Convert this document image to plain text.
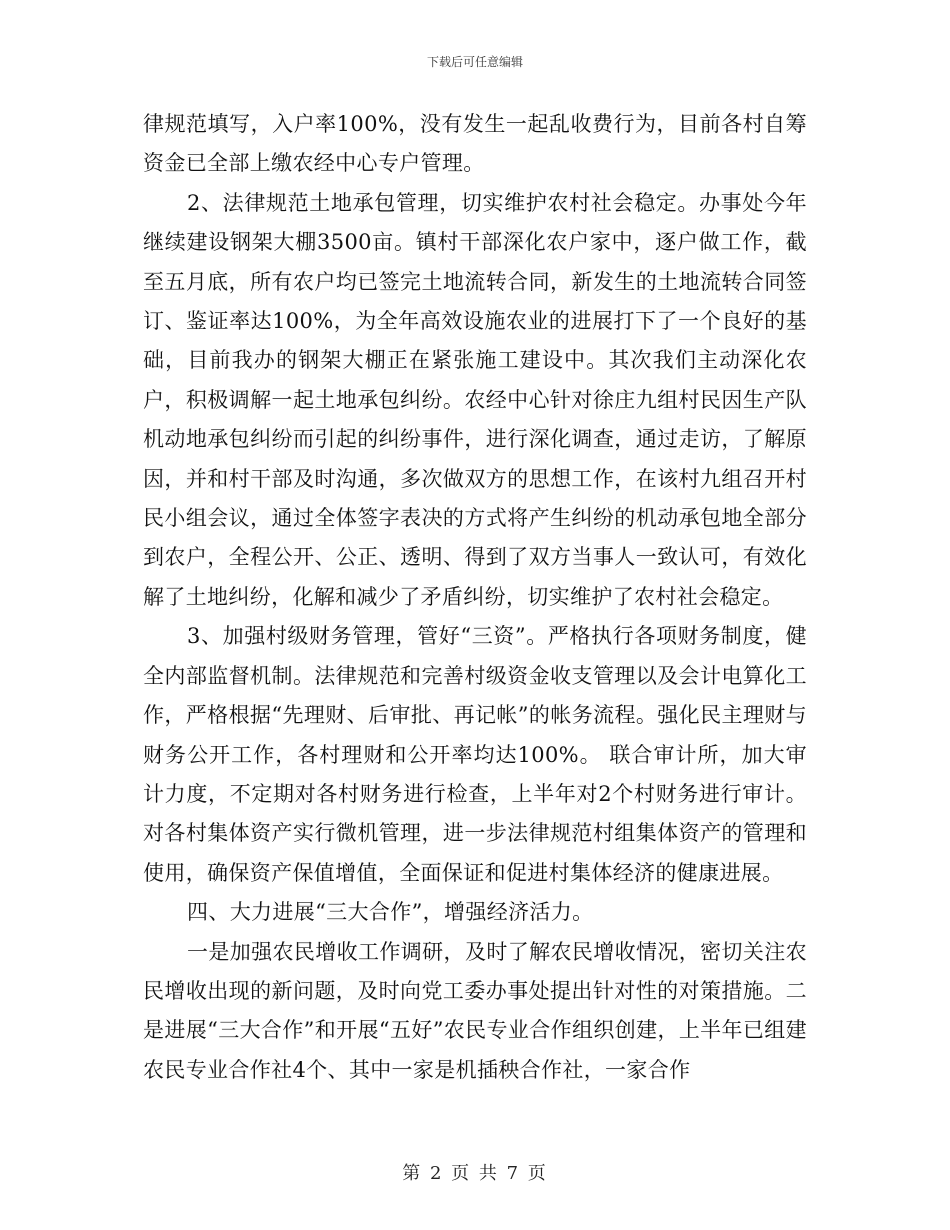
下载后可任意编辑

律规范填写，入户率100%，没有发生一起乱收费行为，目前各村自筹资金已全部上缴农经中心专户管理。

2、法律规范土地承包管理，切实维护农村社会稳定。办事处今年继续建设钢架大棚3500亩。镇村干部深化农户家中，逐户做工作，截至五月底，所有农户均已签完土地流转合同，新发生的土地流转合同签订、鉴证率达100%，为全年高效设施农业的进展打下了一个良好的基础，目前我办的钢架大棚正在紧张施工建设中。其次我们主动深化农户，积极调解一起土地承包纠纷。农经中心针对徐庄九组村民因生产队机动地承包纠纷而引起的纠纷事件，进行深化调查，通过走访，了解原因，并和村干部及时沟通，多次做双方的思想工作，在该村九组召开村民小组会议，通过全体签字表决的方式将产生纠纷的机动承包地全部分到农户，全程公开、公正、透明、得到了双方当事人一致认可，有效化解了土地纠纷，化解和减少了矛盾纠纷，切实维护了农村社会稳定。

3、加强村级财务管理，管好“三资”。严格执行各项财务制度，健全内部监督机制。法律规范和完善村级资金收支管理以及会计电算化工作，严格根据“先理财、后审批、再记帐”的帐务流程。强化民主理财与财务公开工作，各村理财和公开率均达100%。 联合审计所，加大审计力度，不定期对各村财务进行检查，上半年对2个村财务进行审计。对各村集体资产实行微机管理，进一步法律规范村组集体资产的管理和使用，确保资产保值增值，全面保证和促进村集体经济的健康进展。

四、大力进展“三大合作”，增强经济活力。

一是加强农民增收工作调研，及时了解农民增收情况，密切关注农民增收出现的新问题，及时向党工委办事处提出针对性的对策措施。二是进展“三大合作”和开展“五好”农民专业合作组织创建，上半年已组建农民专业合作社4个、其中一家是机插秧合作社，一家合作

第 2 页 共 7 页
